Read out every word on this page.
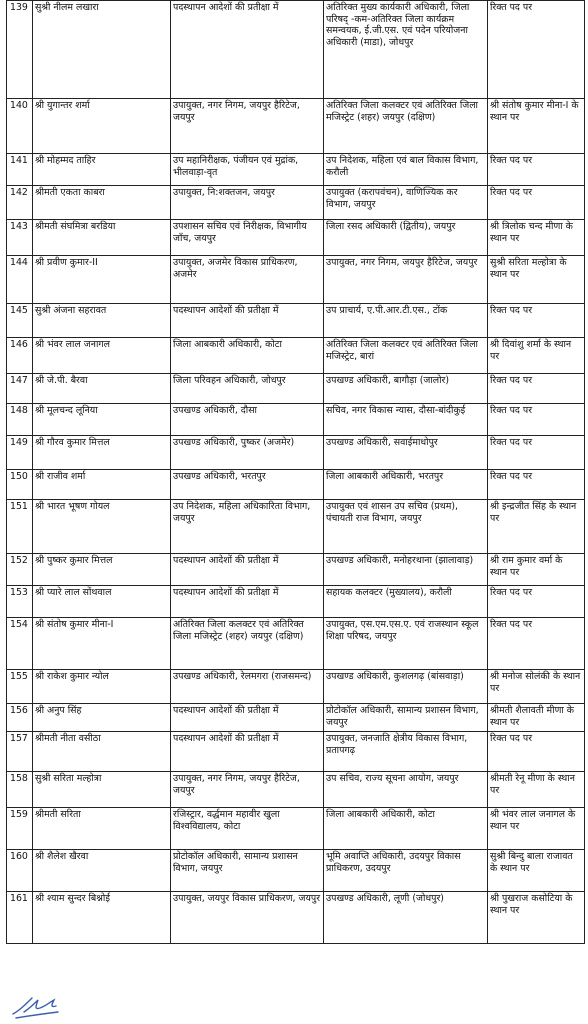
139	सुश्री नीलम लखारा	पदस्थापन आदेशों की प्रतीक्षा में	अतिरिक्त मुख्य कार्यकारी अधिकारी, जिला परिषद् -कम-अतिरिक्त जिला कार्यक्रम समन्वयक, ई.जी.एस. एवं पदेन परियोजना अधिकारी (माडा), जोधपुर	रिक्त पद पर
140	श्री युगान्तर शर्मा	उपायुक्त, नगर निगम, जयपुर हैरिटेज, जयपुर	अतिरिक्त जिला कलक्टर एवं अतिरिक्त जिला मजिस्ट्रेट (शहर) जयपुर (दक्षिण)	श्री संतोष कुमार मीना-I के स्थान पर
141	श्री मोहम्मद ताहिर	उप महानिरीक्षक, पंजीयन एवं मुद्रांक, भीलवाड़ा-वृत	उप निदेशक, महिला एवं बाल विकास विभाग, करौली	रिक्त पद पर
142	श्रीमती एकता काबरा	उपायुक्त, नि:शक्तजन, जयपुर	उपायुक्त (करापवंचन), वाणिज्यिक कर विभाग, जयपुर	रिक्त पद पर
143	श्रीमती संघमित्रा बरडिया	उपशासन सचिव एवं निरीक्षक, विभागीय जाँच, जयपुर	जिला रसद अधिकारी (द्वितीय), जयपुर	श्री त्रिलोक चन्द मीणा के स्थान पर
144	श्री प्रवीण कुमार-II	उपायुक्त, अजमेर विकास प्राधिकरण, अजमेर	उपायुक्त, नगर निगम, जयपुर हैरिटेज, जयपुर	सुश्री सरिता मल्होत्रा के स्थान पर
145	सुश्री अंजना सहरावत	पदस्थापन आदेशों की प्रतीक्षा में	उप प्राचार्य, ए.पी.आर.टी.एस., टोंक	रिक्त पद पर
146	श्री भंवर लाल जनागल	जिला आबकारी अधिकारी, कोटा	अतिरिक्त जिला कलक्टर एवं अतिरिक्त जिला मजिस्ट्रेट, बारां	श्री दिवांशु शर्मा के स्थान पर
147	श्री जे.पी. बैरवा	जिला परिवहन अधिकारी, जोधपुर	उपखण्ड अधिकारी, बागौड़ा (जालोर)	रिक्त पद पर
148	श्री मूलचन्द लूनिया	उपखण्ड अधिकारी, दौसा	सचिव, नगर विकास न्यास, दौसा-बांदीकुई	रिक्त पद पर
149	श्री गौरव कुमार मित्तल	उपखण्ड अधिकारी, पुष्कर (अजमेर)	उपखण्ड अधिकारी, सवाईमाधोपुर	रिक्त पद पर
150	श्री राजीव शर्मा	उपखण्ड अधिकारी, भरतपुर	जिला आबकारी अधिकारी, भरतपुर	रिक्त पद पर
151	श्री भारत भूषण गोयल	उप निदेशक, महिला अधिकारिता विभाग, जयपुर	उपायुक्त एवं शासन उप सचिव (प्रथम), पंचायती राज विभाग, जयपुर	श्री इन्द्रजीत सिंह के स्थान पर
152	श्री पुष्कर कुमार मित्तल	पदस्थापन आदेशों की प्रतीक्षा में	उपखण्ड अधिकारी, मनोहरथाना (झालावाड़)	श्री राम कुमार वर्मा के स्थान पर
153	श्री प्यारे लाल सोंथवाल	पदस्थापन आदेशों की प्रतीक्षा में	सहायक कलक्टर (मुख्यालय), करौली	रिक्त पद पर
154	श्री संतोष कुमार मीना-I	अतिरिक्त जिला कलक्टर एवं अतिरिक्त जिला मजिस्ट्रेट (शहर) जयपुर (दक्षिण)	उपायुक्त, एस.एम.एस.ए. एवं राजस्थान स्कूल शिक्षा परिषद, जयपुर	रिक्त पद पर
155	श्री राकेश कुमार न्योल	उपखण्ड अधिकारी, रेलमगरा (राजसमन्द)	उपखण्ड अधिकारी, कुशलगढ़ (बांसवाड़ा)	श्री मनोज सोलंकी के स्थान पर
156	श्री अनुप सिंह	पदस्थापन आदेशों की प्रतीक्षा में	प्रोटोकॉल अधिकारी, सामान्य प्रशासन विभाग, जयपुर	श्रीमती शैलावती मीणा के स्थान पर
157	श्रीमती नीता वसीठा	पदस्थापन आदेशों की प्रतीक्षा में	उपायुक्त, जनजाति क्षेत्रीय विकास विभाग, प्रतापगढ़	रिक्त पद पर
158	सुश्री सरिता मल्होत्रा	उपायुक्त, नगर निगम, जयपुर हैरिटेज, जयपुर	उप सचिव, राज्य सूचना आयोग, जयपुर	श्रीमती रेनू मीणा के स्थान पर
159	श्रीमती सरिता	रजिस्ट्रार, वर्द्धमान महावीर खुला विश्वविद्यालय, कोटा	जिला आबकारी अधिकारी, कोटा	श्री भंवर लाल जनागल के स्थान पर
160	श्री शैलेश खैरवा	प्रोटोकॉल अधिकारी, सामान्य प्रशासन विभाग, जयपुर	भूमि अवाप्ति अधिकारी, उदयपुर विकास प्राधिकरण, उदयपुर	सुश्री बिन्दु बाला राजावत के स्थान पर
161	श्री श्याम सुन्दर बिश्नोई	उपायुक्त, जयपुर विकास प्राधिकरण, जयपुर	उपखण्ड अधिकारी, लूणी (जोधपुर)	श्री पुखराज कसोटिया के स्थान पर
